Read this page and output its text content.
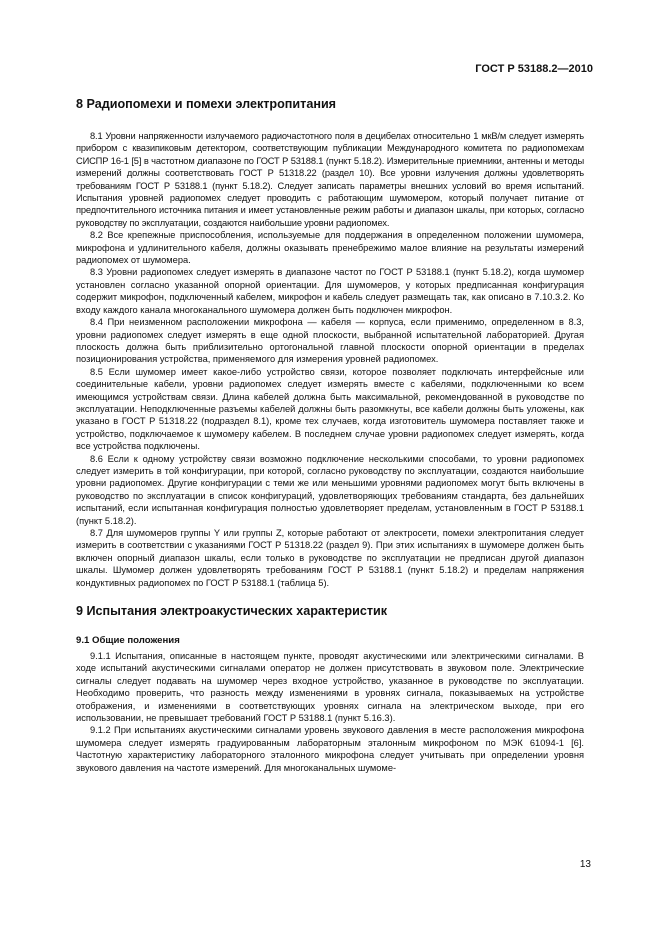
ГОСТ Р 53188.2—2010
8 Радиопомехи и помехи электропитания

8.1 Уровни напряженности излучаемого радиочастотного поля в децибелах относительно 1 мкВ/м следует измерять прибором с квазипиковым детектором, соответствующим публикации Международного комитета по радиопомехам СИСПР 16-1 [5] в частотном диапазоне по ГОСТ Р 53188.1 (пункт 5.18.2). Измерительные приемники, антенны и методы измерений должны соответствовать ГОСТ Р 51318.22 (раздел 10). Все уровни излучения должны удовлетворять требованиям ГОСТ Р 53188.1 (пункт 5.18.2). Следует записать параметры внешних условий во время испытаний. Испытания уровней радиопомех следует проводить с работающим шумомером, который получает питание от предпочтительного источника питания и имеет установленные режим работы и диапазон шкалы, при которых, согласно руководству по эксплуатации, создаются наибольшие уровни радиопомех.

8.2 Все крепежные приспособления, используемые для поддержания в определенном положении шумомера, микрофона и удлинительного кабеля, должны оказывать пренебрежимо малое влияние на результаты измерений радиопомех от шумомера.

8.3 Уровни радиопомех следует измерять в диапазоне частот по ГОСТ Р 53188.1 (пункт 5.18.2), когда шумомер установлен согласно указанной опорной ориентации. Для шумомеров, у которых предписанная конфигурация содержит микрофон, подключенный кабелем, микрофон и кабель следует размещать так, как описано в 7.10.3.2. Ко входу каждого канала многоканального шумомера должен быть подключен микрофон.

8.4 При неизменном расположении микрофона — кабеля — корпуса, если применимо, определенном в 8.3, уровни радиопомех следует измерять в еще одной плоскости, выбранной испытательной лабораторией. Другая плоскость должна быть приблизительно ортогональной главной плоскости опорной ориентации в пределах позиционирования устройства, применяемого для измерения уровней радиопомех.

8.5 Если шумомер имеет какое-либо устройство связи, которое позволяет подключать интерфейсные или соединительные кабели, уровни радиопомех следует измерять вместе с кабелями, подключенными ко всем имеющимся устройствам связи. Длина кабелей должна быть максимальной, рекомендованной в руководстве по эксплуатации. Неподключенные разъемы кабелей должны быть разомкнуты, все кабели должны быть уложены, как указано в ГОСТ Р 51318.22 (подраздел 8.1), кроме тех случаев, когда изготовитель шумомера поставляет также и устройство, подключаемое к шумомеру кабелем. В последнем случае уровни радиопомех следует измерять, когда все устройства подключены.

8.6 Если к одному устройству связи возможно подключение несколькими способами, то уровни радиопомех следует измерить в той конфигурации, при которой, согласно руководству по эксплуатации, создаются наибольшие уровни радиопомех. Другие конфигурации с теми же или меньшими уровнями радиопомех могут быть включены в руководство по эксплуатации в список конфигураций, удовлетворяющих требованиям стандарта, без дальнейших испытаний, если испытанная конфигурация полностью удовлетворяет пределам, установленным в ГОСТ Р 53188.1 (пункт 5.18.2).

8.7 Для шумомеров группы Y или группы Z, которые работают от электросети, помехи электропитания следует измерить в соответствии с указаниями ГОСТ Р 51318.22 (раздел 9). При этих испытаниях в шумомере должен быть включен опорный диапазон шкалы, если только в руководстве по эксплуатации не предписан другой диапазон шкалы. Шумомер должен удовлетворять требованиям ГОСТ Р 53188.1 (пункт 5.18.2) и пределам напряжения кондуктивных радиопомех по ГОСТ Р 53188.1 (таблица 5).

9 Испытания электроакустических характеристик
9.1 Общие положения

9.1.1 Испытания, описанные в настоящем пункте, проводят акустическими или электрическими сигналами. В ходе испытаний акустическими сигналами оператор не должен присутствовать в звуковом поле. Электрические сигналы следует подавать на шумомер через входное устройство, указанное в руководстве по эксплуатации. Необходимо проверить, что разность между изменениями в уровнях сигнала, показываемых на устройстве отображения, и изменениями в соответствующих уровнях сигнала на электрическом выходе, при его использовании, не превышает требований ГОСТ Р 53188.1 (пункт 5.16.3).

9.1.2 При испытаниях акустическими сигналами уровень звукового давления в месте расположения микрофона шумомера следует измерять градуированным лабораторным эталонным микрофоном по МЭК 61094-1 [6]. Частотную характеристику лабораторного эталонного микрофона следует учитывать при определении уровня звукового давления на частоте измерений. Для многоканальных шумоме-

13
